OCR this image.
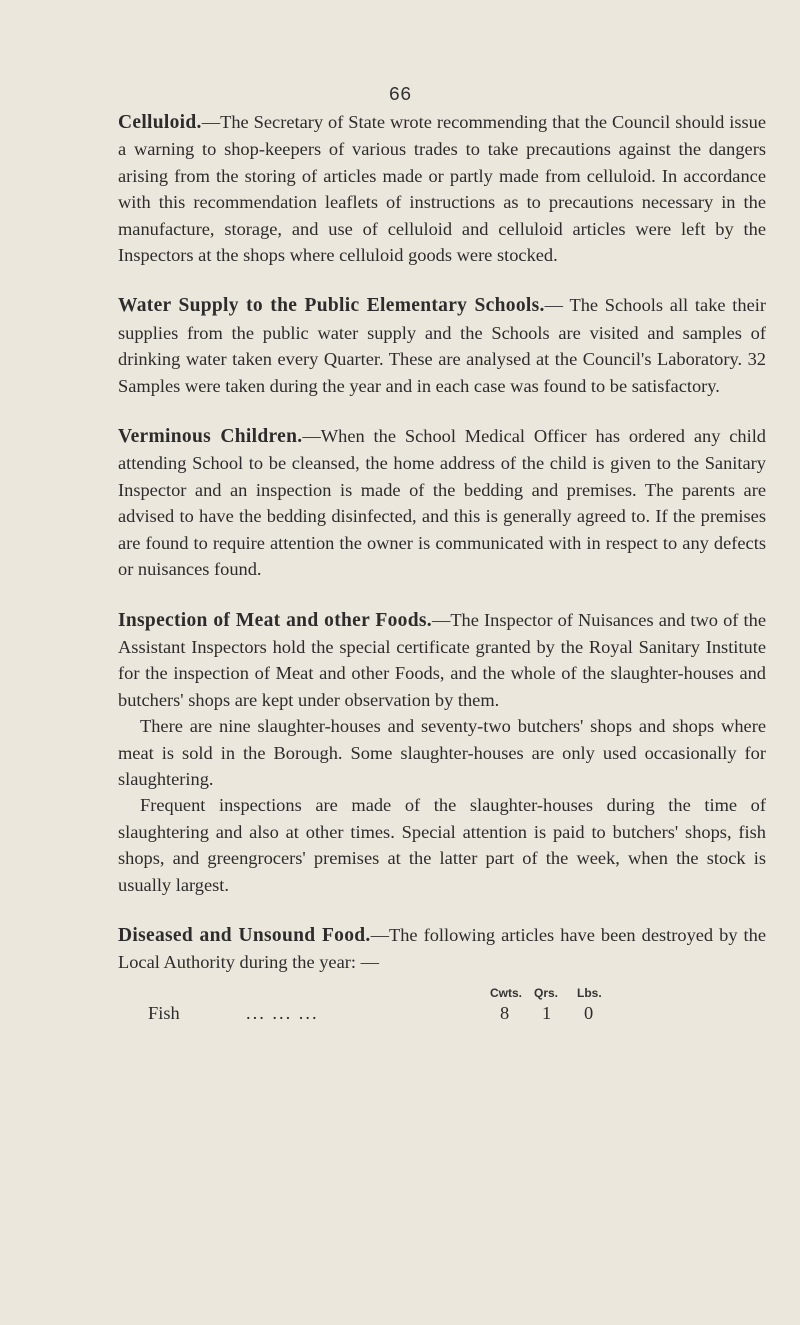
66

Celluloid.—The Secretary of State wrote recommending that the Council should issue a warning to shop-keepers of various trades to take precautions against the dangers arising from the storing of articles made or partly made from celluloid. In accordance with this recommendation leaflets of instructions as to precautions necessary in the manufacture, storage, and use of celluloid and celluloid articles were left by the Inspectors at the shops where celluloid goods were stocked.

Water Supply to the Public Elementary Schools.— The Schools all take their supplies from the public water supply and the Schools are visited and samples of drinking water taken every Quarter. These are analysed at the Council's Laboratory. 32 Samples were taken during the year and in each case was found to be satisfactory.

Verminous Children.—When the School Medical Officer has ordered any child attending School to be cleansed, the home address of the child is given to the Sanitary Inspector and an inspection is made of the bedding and premises. The parents are advised to have the bedding disinfected, and this is generally agreed to. If the premises are found to require attention the owner is communicated with in respect to any defects or nuisances found.

Inspection of Meat and other Foods.—The Inspector of Nuisances and two of the Assistant Inspectors hold the special certificate granted by the Royal Sanitary Institute for the inspection of Meat and other Foods, and the whole of the slaughter-houses and butchers' shops are kept under observation by them.

There are nine slaughter-houses and seventy-two butchers' shops and shops where meat is sold in the Borough. Some slaughter-houses are only used occasionally for slaughtering.

Frequent inspections are made of the slaughter-houses during the time of slaughtering and also at other times. Special attention is paid to butchers' shops, fish shops, and greengrocers' premises at the latter part of the week, when the stock is usually largest.

Diseased and Unsound Food.—The following articles have been destroyed by the Local Authority during the year: —

Cwts. Qrs. Lbs.
Fish	... ... ...	8 1 0
